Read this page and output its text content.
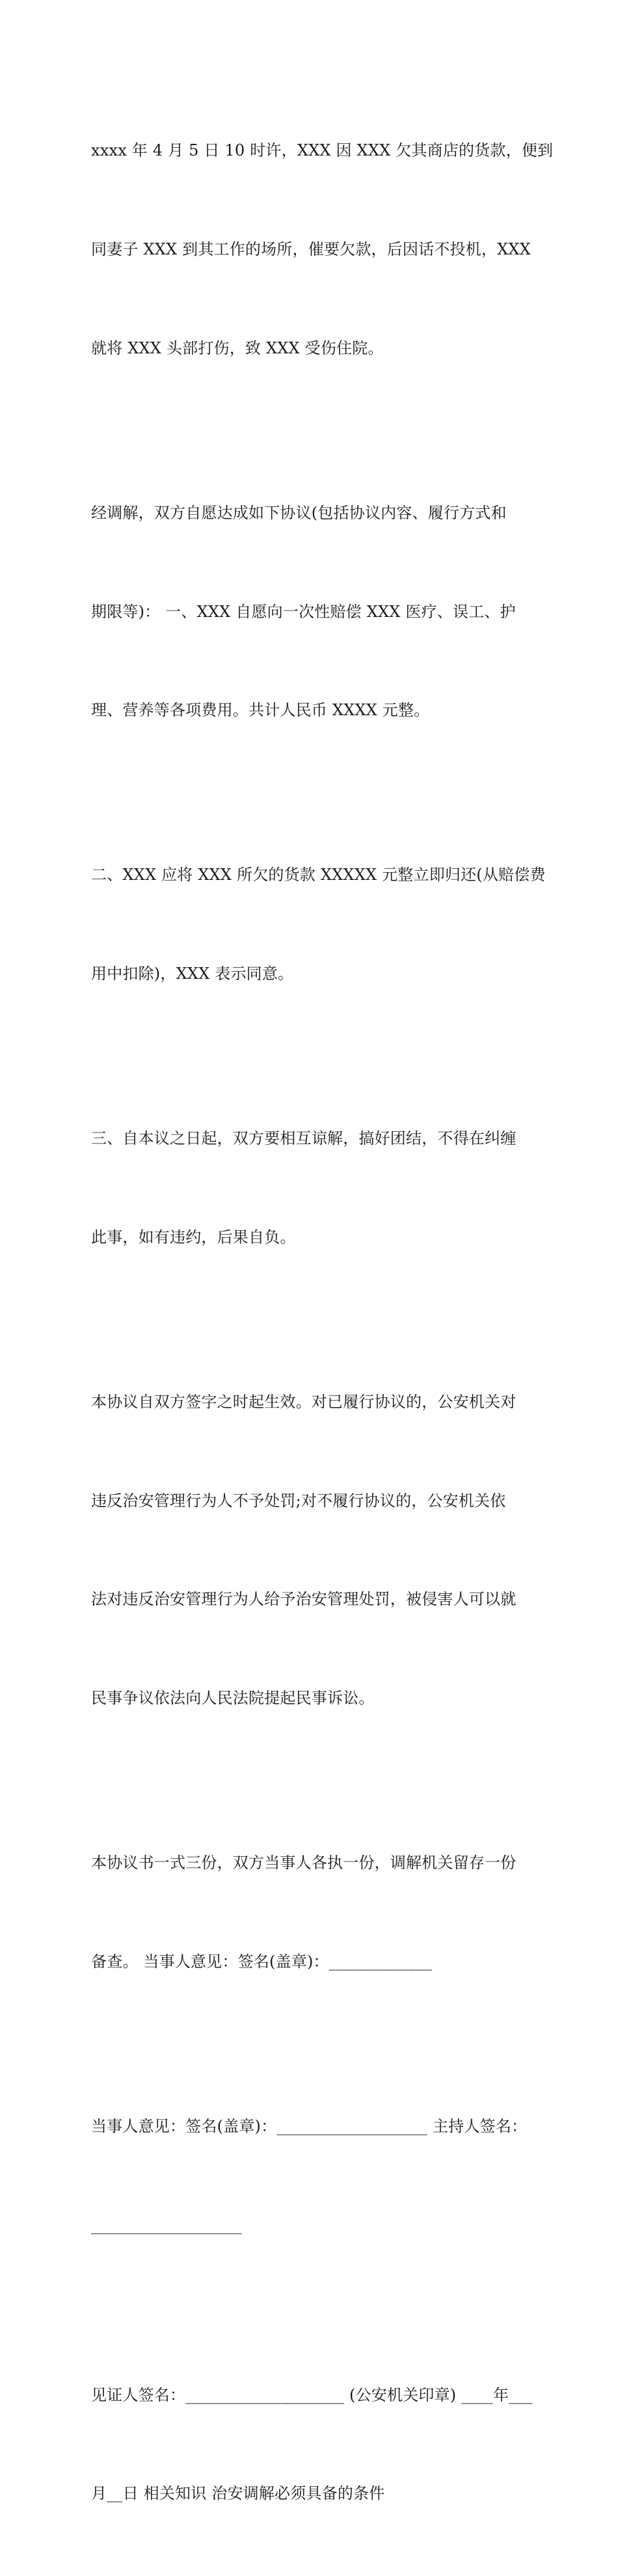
xxxx 年 4 月 5 日 10 时许，XXX 因 XXX 欠其商店的货款，便到

同妻子 XXX 到其工作的场所，催要欠款，后因话不投机，XXX

就将 XXX 头部打伤，致 XXX 受伤住院。

经调解，双方自愿达成如下协议(包括协议内容、履行方式和

期限等)： 一、XXX 自愿向一次性赔偿 XXX 医疗、误工、护

理、营养等各项费用。共计人民币 XXXX 元整。

二、XXX 应将 XXX 所欠的货款 XXXXX 元整立即归还(从赔偿费

用中扣除)，XXX 表示同意。

三、自本议之日起，双方要相互谅解，搞好团结，不得在纠缠

此事，如有违约，后果自负。

本协议自双方签字之时起生效。对已履行协议的，公安机关对

违反治安管理行为人不予处罚;对不履行协议的，公安机关依

法对违反治安管理行为人给予治安管理处罚，被侵害人可以就

民事争议依法向人民法院提起民事诉讼。

本协议书一式三份，双方当事人各执一份，调解机关留存一份

备查。 当事人意见：签名(盖章)：_____________

当事人意见：签名(盖章)：___________________ 主持人签名：

___________________

见证人签名：____________________ (公安机关印章) ____年___

月__日 相关知识 治安调解必须具备的条件
